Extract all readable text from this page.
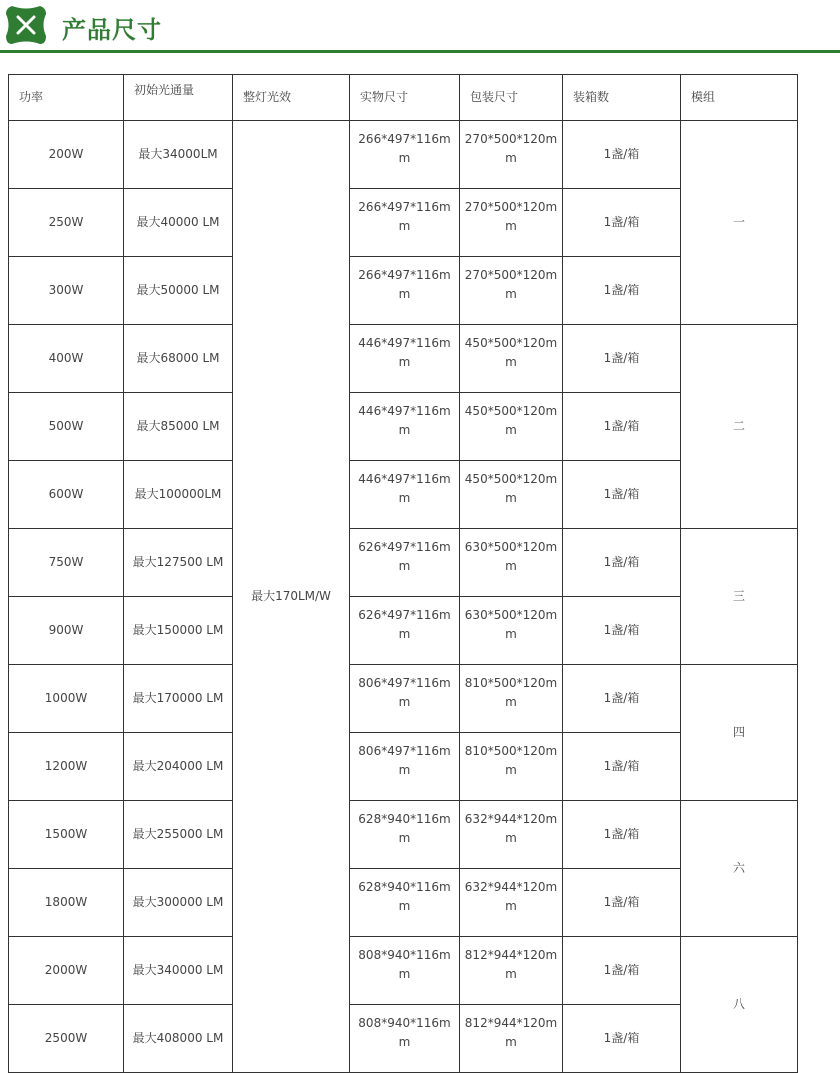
产品尺寸
功率	初始光通量	整灯光效	实物尺寸	包装尺寸	装箱数	模组
200W	最大34000LM	最大170LM/W	266*497*116mm	270*500*120mm	1盏/箱	一
250W	最大40000 LM		266*497*116mm	270*500*120mm	1盏/箱	
300W	最大50000 LM		266*497*116mm	270*500*120mm	1盏/箱	
400W	最大68000 LM		446*497*116mm	450*500*120mm	1盏/箱	二
500W	最大85000 LM		446*497*116mm	450*500*120mm	1盏/箱	
600W	最大100000LM		446*497*116mm	450*500*120mm	1盏/箱	
750W	最大127500 LM		626*497*116mm	630*500*120mm	1盏/箱	三
900W	最大150000 LM		626*497*116mm	630*500*120mm	1盏/箱	
1000W	最大170000 LM		806*497*116mm	810*500*120mm	1盏/箱	四
1200W	最大204000 LM		806*497*116mm	810*500*120mm	1盏/箱	
1500W	最大255000 LM		628*940*116mm	632*944*120mm	1盏/箱	六
1800W	最大300000 LM		628*940*116mm	632*944*120mm	1盏/箱	
2000W	最大340000 LM		808*940*116mm	812*944*120mm	1盏/箱	八
2500W	最大408000 LM		808*940*116mm	812*944*120mm	1盏/箱	
